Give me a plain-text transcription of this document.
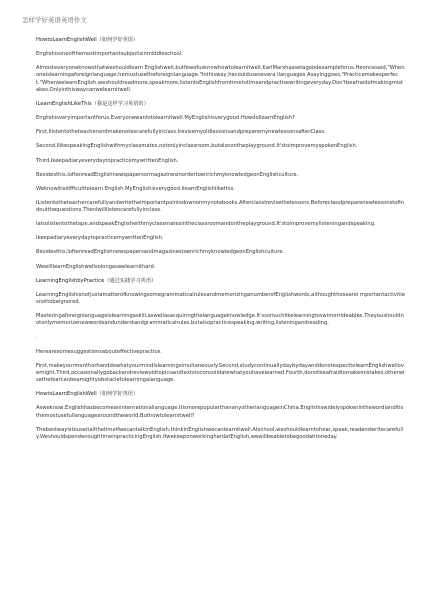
怎样学好英语英语作文
HowtoLearnEnglishWell（如何学好英语）
Englishisoneofthemostimportantsubjectsinmiddleschool.
Almosteveryoneknowsthatweshouldlearn Englishwell,butfewofusknowhowtolearnitwell.KarlMarxhassetagoodexampleforus.Heoncesaid,"Whenoneislearningaforeignlanguage,hemustusetheforeignlanguage."Inthisway,hecouldusesevera llanguages.Asayinggoes,"Practicemakesperfect."WhenwelearnEnglish,weshouldreadmore,speakmore,listentoEnglishfromtimetotimeandpractisewritingeveryday.Don'tbeafraidofmakingmistakes.Onlyinthiswaycanwelearnitwell.
ILearnEnglishLikeThis（我是这样学习英语的）
Englishisveryimportantforus.Everyonewantstolearnitwell.MyEnglishisverygood.HowdoIlearnEnglish?
First,Ilistentotheteacherandmakenotescarefullyinclass.IrevisemyoldlessonsandpreparemynewlessonsafterClass.
Second,IlikespeakingEnglishwithmyclassmates,notonlyinclassroom,butalsoontheplayground.It'stoimprovemyspokenEnglish.
Third,IkeepadiaryeverydaytopracticemywrittenEnglish.
Besidesthis,IoftenreadEnglishnewspapersormagazinesinordertoenrichmyknowledgeonEnglishculture.
Weknowitisdifficulttolearn English.MyEnglishisverygood.IlearnEnglishlikethis.
IListentotheteachercarefullyandwritetheimportantpointsdownonmynotebooks.AfterclassIrevisethelessons.BeforeclassIpreparenewlessonstofindoutthequestions.ThenIwilllistencarefullyinclass.
Ialsolistentothetape,andspeakEnglishwithmyclassmatesintheclassroomandontheplayground.It'stoimprovemylisteningandspeaking.
IkeepadiaryeverydaytopracticemywrittenEnglish.
Besidesthis,IoftenreadEnglishnewspapersandmagazinestoenrichmyknowledgeonEnglishculture.
WewillIearnEnglishwellsolongasweIearnithard.
LearningEnglishbyPractice（通过实践学习英语）
LearningEnglishisnotjustamatterofknowingsomegrammaticalrulesandmemorizinganumberofEnglishwords,althoughthosearei mportantactivitiesnottobeignored.
MasteringaforeignIanguageisIearningaskill,aswellasacquiringtheIanguageknowledge.It'ssomuchlikeIearningtoswimorrideabike.Theyoushouldnotonlymemorizenewwordsandunderstandgrammaticalrules,butalsopracticespeaking,writing,listeningandreading.
.
Herearesomesuggestionsabouteffectivepractice.
First,makeyourmonthorhanddowhatyourmindisIearningsimultaneously.Second,studycontinuallydaybydayanddonotexpecttolearnEnglishwellovernight.Third,occasionallygobackandreviewoldtopicsandtextstoconsolidatewhatyouhavelearned.Fourth,donotbeafraidtomakemistakes,otherwisethefearcanbeamightyobstacletolearningalanguage.
HowtoLearnEnglishWell（如何学好英语）
Asweknow,Englishhasbecomeaninternationallanguage.ItismorepopularthananyotherlanguageinChina.Englishiswidelyspokeninthewordlanditisthemostusefullanguagearoundtheworld.Buthowtolearnitwell?
ThebestwayistouseitallthetimeIfwecantalkinEnglish,thinkinEnglishwecanlearnitwell.Atschool,weshouldlearntohear,speak,readandwritecarefully.WeshouldspendenoughtimeinpracticingEnglish.IfwekeeponworkinghardatEnglish,wewillbeabletobegoodatitoneday.
